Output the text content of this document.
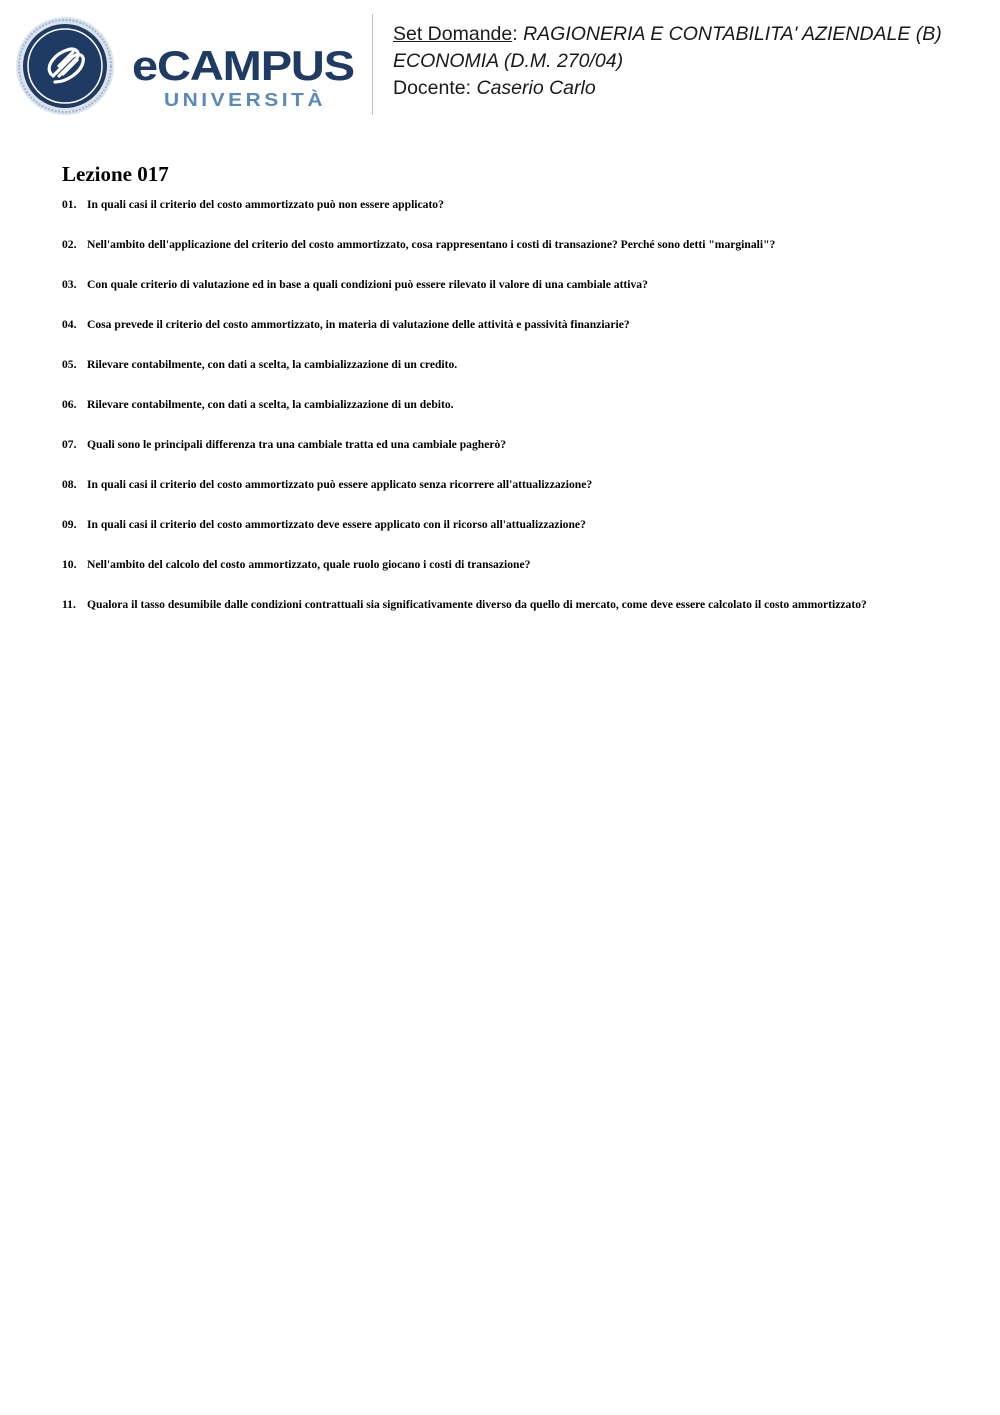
eCAMPUS
UNIVERSITÀ
Set Domande: RAGIONERIA E CONTABILITA' AZIENDALE (B)
ECONOMIA (D.M. 270/04)
Docente: Caserio Carlo
Lezione 017
01. In quali casi il criterio del costo ammortizzato può non essere applicato?
02. Nell'ambito dell'applicazione del criterio del costo ammortizzato, cosa rappresentano i costi di transazione? Perché sono detti "marginali"?
03. Con quale criterio di valutazione ed in base a quali condizioni può essere rilevato il valore di una cambiale attiva?
04. Cosa prevede il criterio del costo ammortizzato, in materia di valutazione delle attività e passività finanziarie?
05. Rilevare contabilmente, con dati a scelta, la cambializzazione di un credito.
06. Rilevare contabilmente, con dati a scelta, la cambializzazione di un debito.
07. Quali sono le principali differenza tra una cambiale tratta ed una cambiale pagherò?
08. In quali casi il criterio del costo ammortizzato può essere applicato senza ricorrere all'attualizzazione?
09. In quali casi il criterio del costo ammortizzato deve essere applicato con il ricorso all'attualizzazione?
10. Nell'ambito del calcolo del costo ammortizzato, quale ruolo giocano i costi di transazione?
11. Qualora il tasso desumibile dalle condizioni contrattuali sia significativamente diverso da quello di mercato, come deve essere calcolato il costo ammortizzato?
